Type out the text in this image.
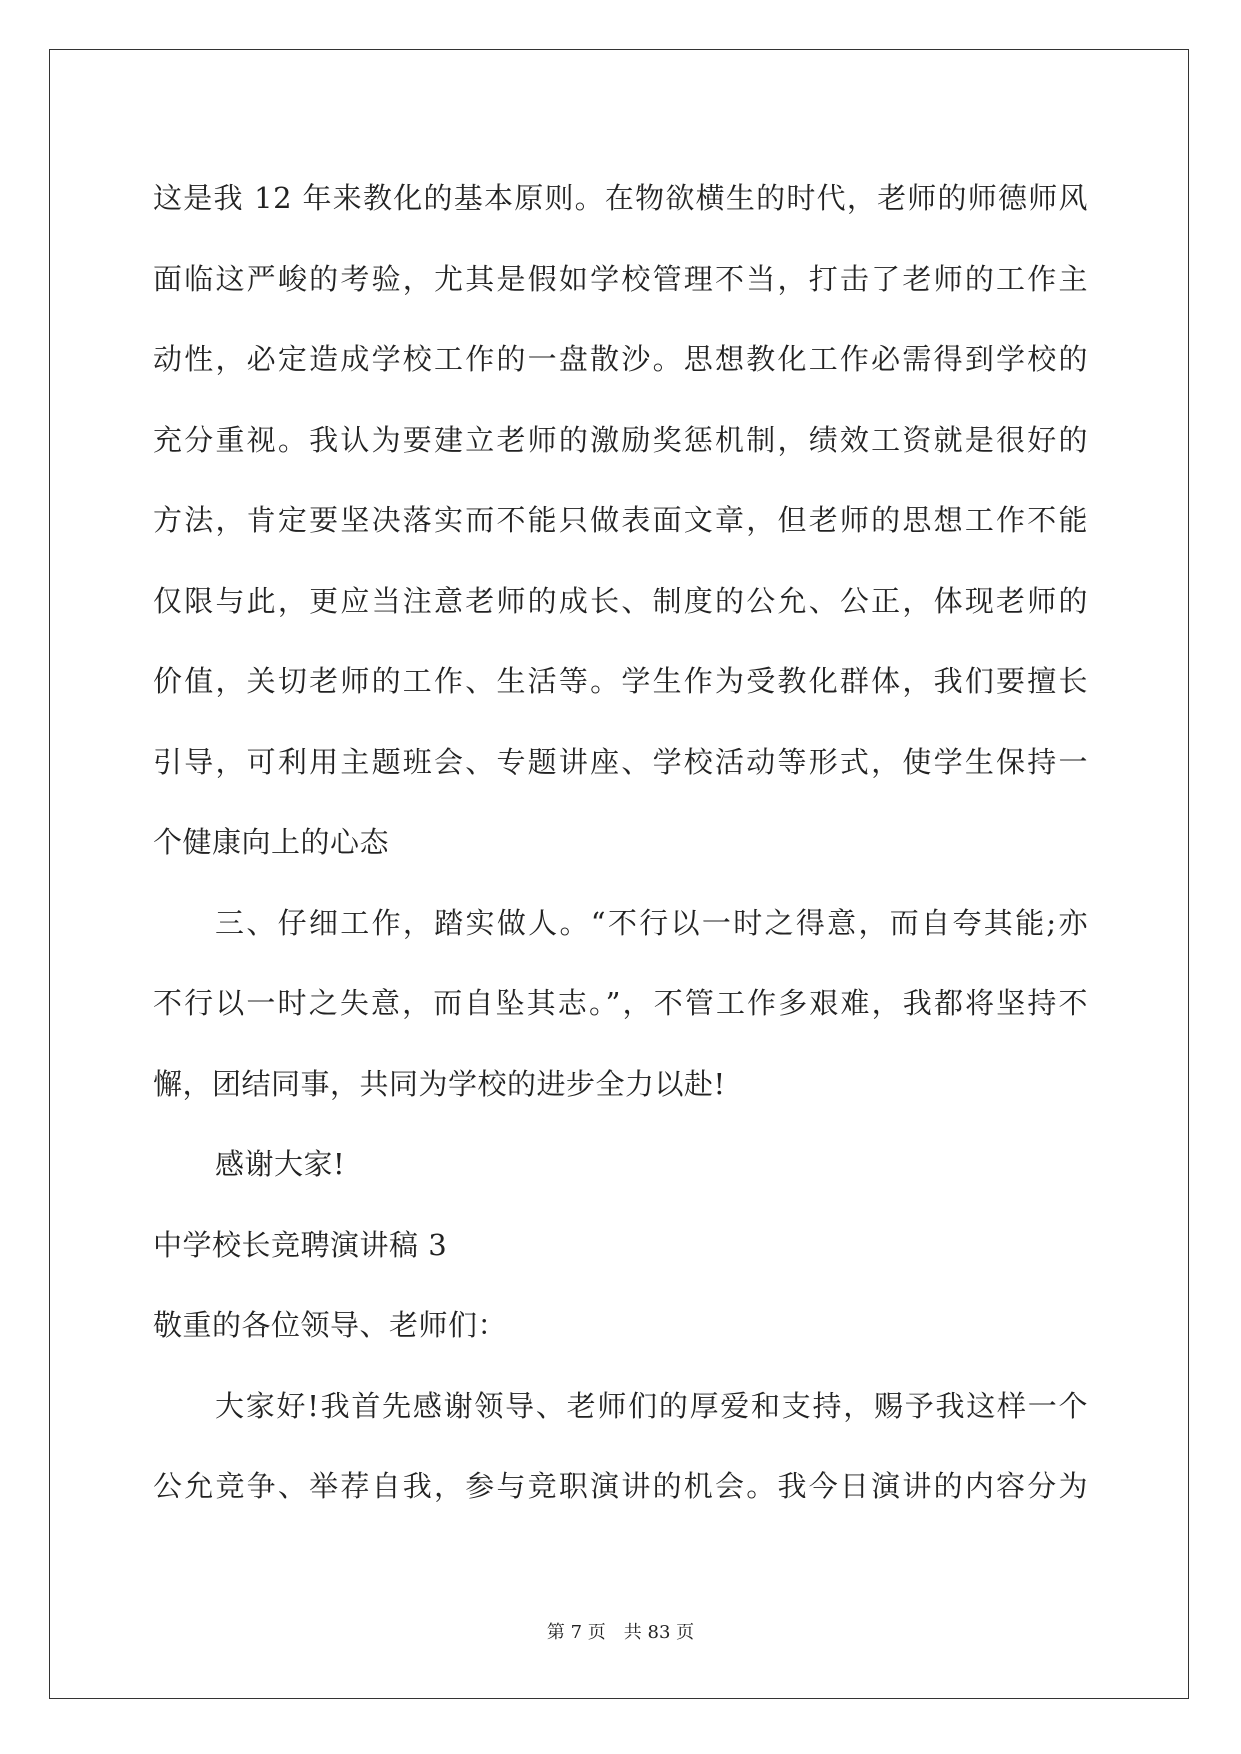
这是我 12 年来教化的基本原则。在物欲横生的时代，老师的师德师风
面临这严峻的考验，尤其是假如学校管理不当，打击了老师的工作主
动性，必定造成学校工作的一盘散沙。思想教化工作必需得到学校的
充分重视。我认为要建立老师的激励奖惩机制，绩效工资就是很好的
方法，肯定要坚决落实而不能只做表面文章，但老师的思想工作不能
仅限与此，更应当注意老师的成长、制度的公允、公正，体现老师的
价值，关切老师的工作、生活等。学生作为受教化群体，我们要擅长
引导，可利用主题班会、专题讲座、学校活动等形式，使学生保持一
个健康向上的心态
三、仔细工作，踏实做人。“不行以一时之得意，而自夸其能;亦
不行以一时之失意，而自坠其志。”，不管工作多艰难，我都将坚持不
懈，团结同事，共同为学校的进步全力以赴!
感谢大家!
中学校长竞聘演讲稿 3
敬重的各位领导、老师们：
大家好!我首先感谢领导、老师们的厚爱和支持，赐予我这样一个
公允竞争、举荐自我，参与竞职演讲的机会。我今日演讲的内容分为
第 7 页 共 83 页
